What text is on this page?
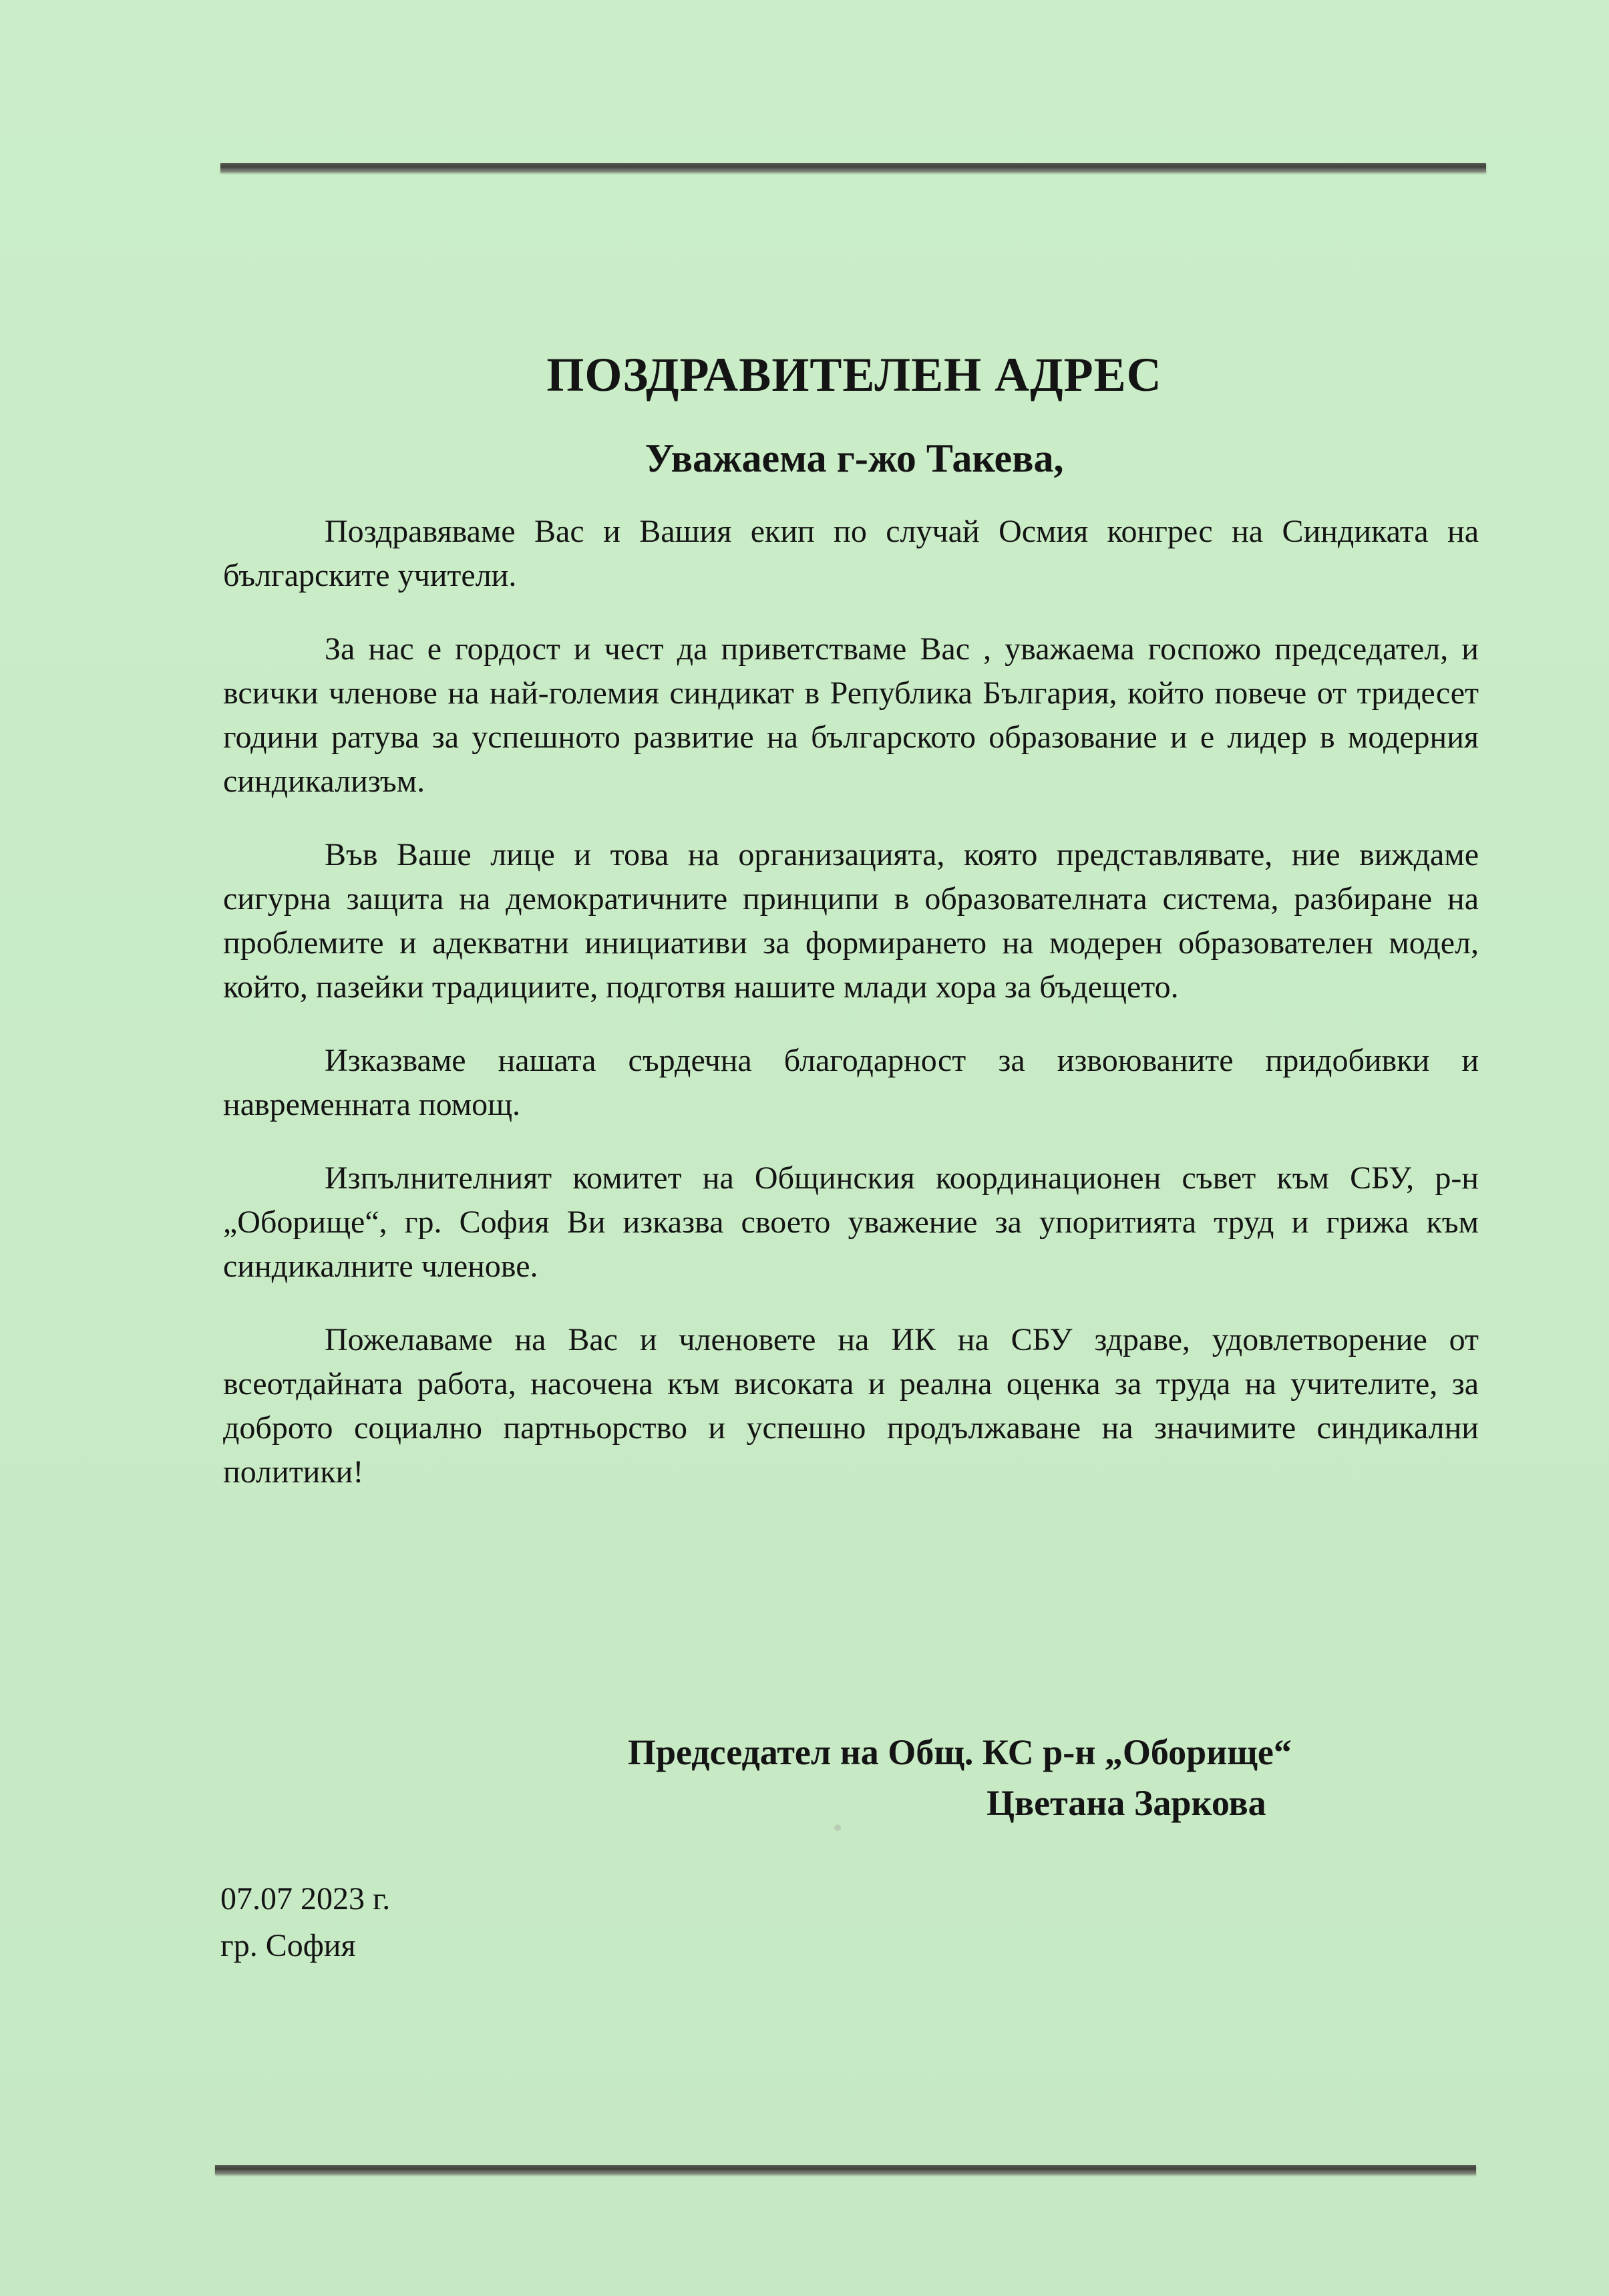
ПОЗДРАВИТЕЛЕН АДРЕС
Уважаема г-жо Такева,

Поздравяваме Вас и Вашия екип по случай Осмия конгрес на Синдиката на българските учители.

За нас е гордост и чест да приветстваме Вас , уважаема госпожо председател, и всички членове на най-големия синдикат в Република България, който повече от тридесет години ратува за успешното развитие на българското образование и е лидер в модерния синдикализъм.

Във Ваше лице и това на организацията, която представлявате, ние виждаме сигурна защита на демократичните принципи в образователната система, разбиране на проблемите и адекватни инициативи за формирането на модерен образователен модел, който, пазейки традициите, подготвя нашите млади хора за бъдещето.

Изказваме нашата сърдечна благодарност за извоюваните придобивки и навременната помощ.

Изпълнителният комитет на Общинския координационен съвет към СБУ, р-н „Оборище“, гр. София Ви изказва своето уважение за упоритията труд и грижа към синдикалните членове.

Пожелаваме на Вас и членовете на ИК на СБУ здраве, удовлетворение от всеотдайната работа, насочена към високата и реална оценка за труда на учителите, за доброто социално партньорство и успешно продължаване на значимите синдикални политики!

Председател на Общ. КС р-н „Оборище“
Цветана Заркова
07.07 2023 г.
гр. София
